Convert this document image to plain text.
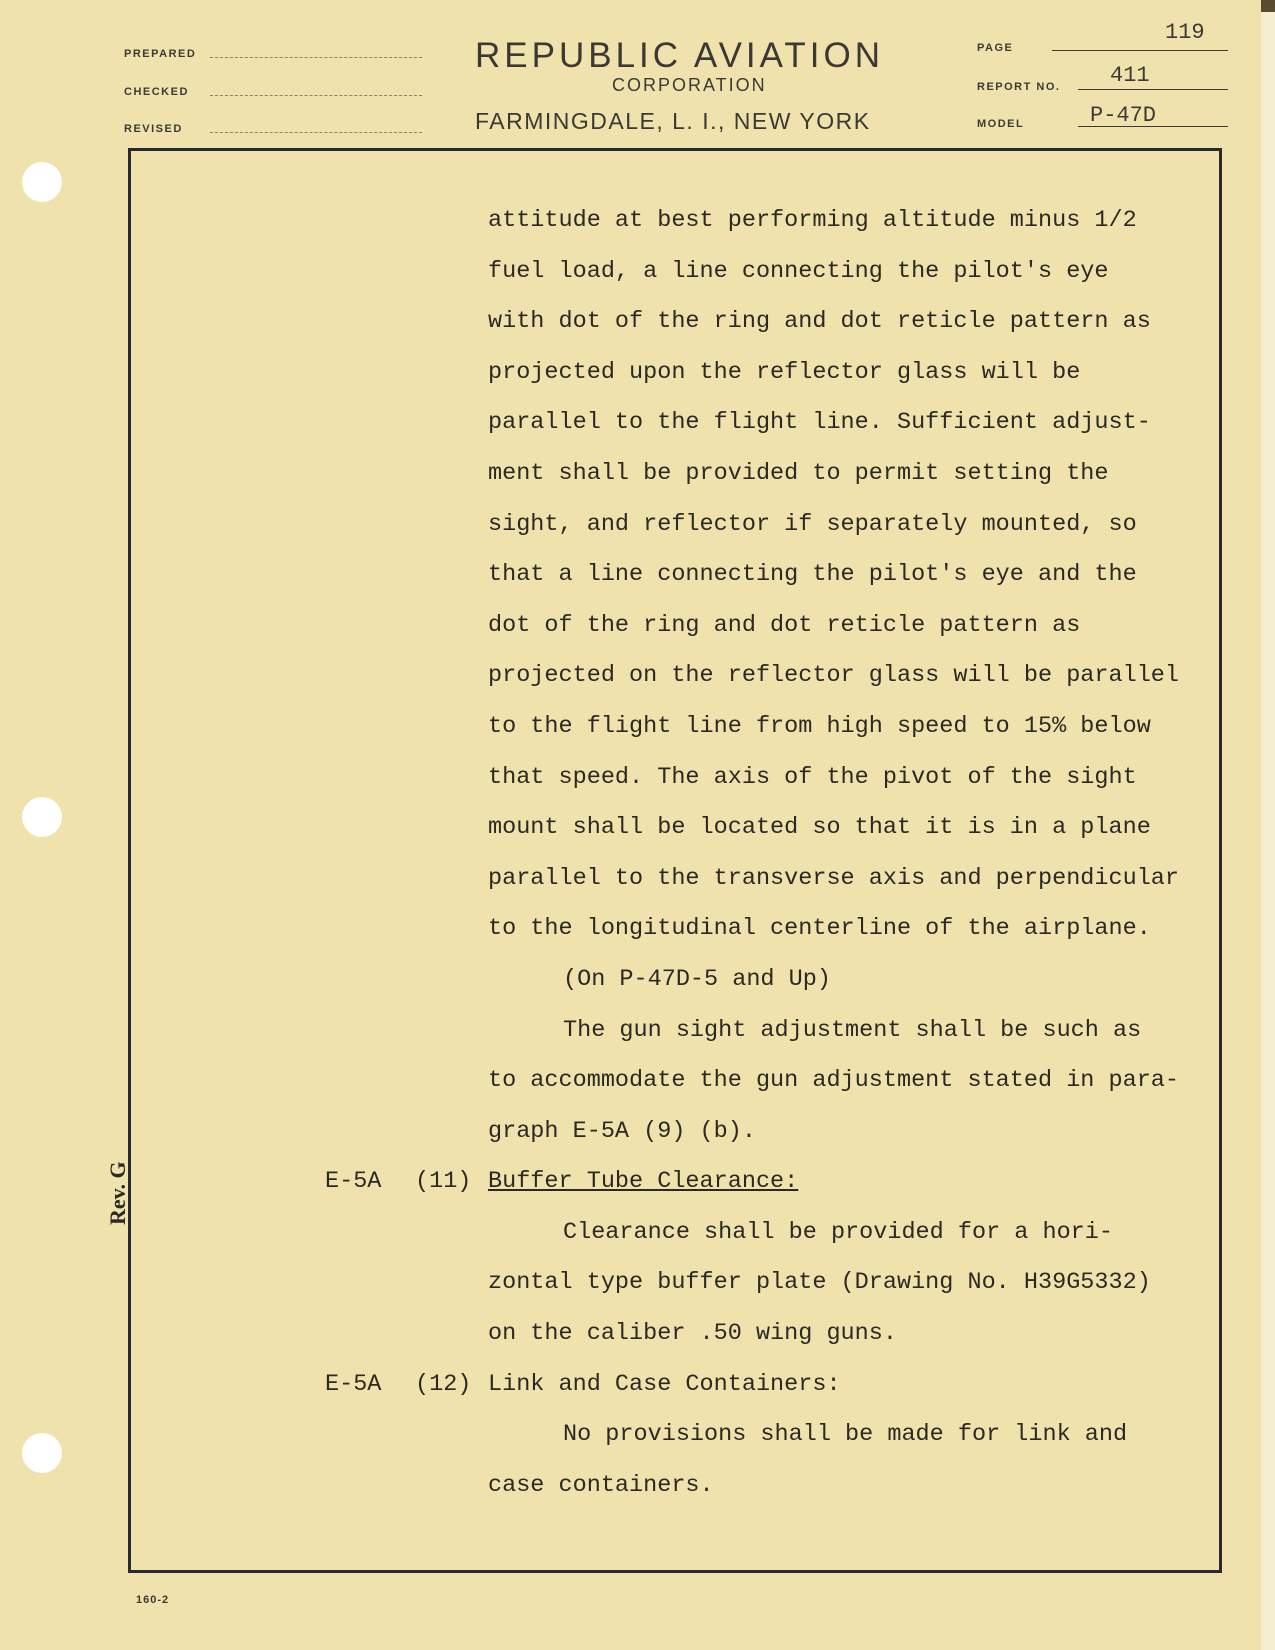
PREPARED
CHECKED
REVISED
REPUBLIC AVIATION
CORPORATION
FARMINGDALE, L. I., NEW YORK
PAGE
119
REPORT NO. 411
MODEL	P-47D
attitude at best performing altitude minus 1/2
fuel load, a line connecting the pilot's eye
with dot of the ring and dot reticle pattern as
projected upon the reflector glass will be
parallel to the flight line. Sufficient adjust-
ment shall be provided to permit setting the
sight, and reflector if separately mounted, so
that a line connecting the pilot's eye and the
dot of the ring and dot reticle pattern as
projected on the reflector glass will be parallel
to the flight line from high speed to 15% below
that speed. The axis of the pivot of the sight
mount shall be located so that it is in a plane
parallel to the transverse axis and perpendicular
to the longitudinal centerline of the airplane.
(On P-47D-5 and Up)
The gun sight adjustment shall be such as
to accommodate the gun adjustment stated in para-
graph E-5A (9) (b).
Buffer Tube Clearance:
Clearance shall be provided for a hori-
zontal type buffer plate (Drawing No. H39G5332)
on the caliber .50 wing guns.
Link and Case Containers:
No provisions shall be made for link and
case containers.
E-5A (11)
E-5A (12)
Rev. G
160-2
